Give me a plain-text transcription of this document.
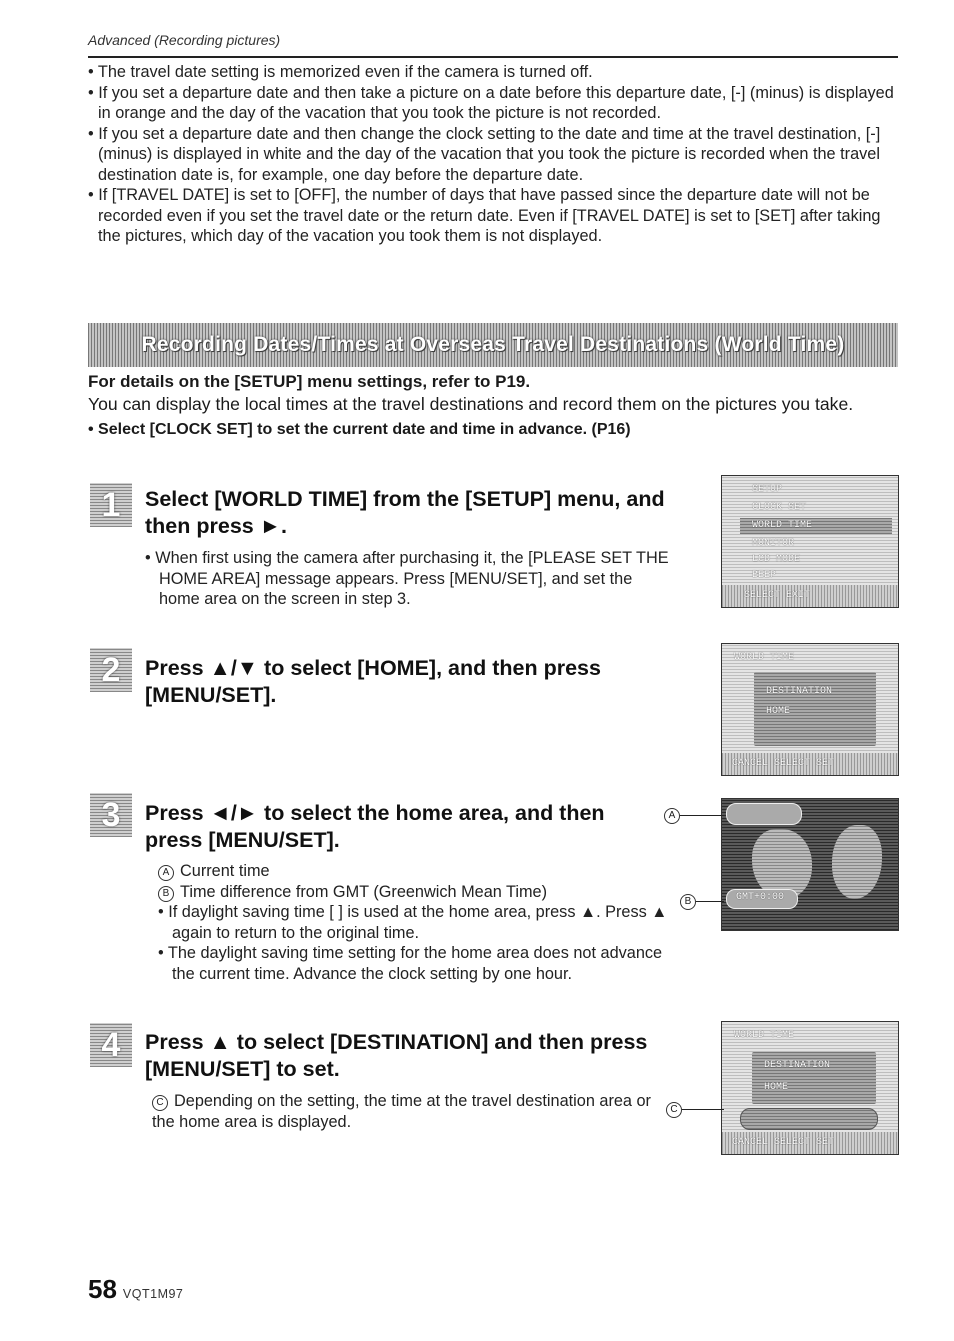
Advanced (Recording pictures)

• The travel date setting is memorized even if the camera is turned off.

• If you set a departure date and then take a picture on a date before this departure date, [-] (minus) is displayed in orange and the day of the vacation that you took the picture is not recorded.

• If you set a departure date and then change the clock setting to the date and time at the travel destination, [-] (minus) is displayed in white and the day of the vacation that you took the picture is recorded when the travel destination date is, for example, one day before the departure date.

• If [TRAVEL DATE] is set to [OFF], the number of days that have passed since the departure date will not be recorded even if you set the travel date or the return date. Even if [TRAVEL DATE] is set to [SET] after taking the pictures, which day of the vacation you took them is not displayed.

Recording Dates/Times at Overseas Travel Destinations (World Time)
For details on the [SETUP] menu settings, refer to P19.
You can display the local times at the travel destinations and record them on the pictures you take.
• Select [CLOCK SET] to set the current date and time in advance. (P16)
1	Select [WORLD TIME] from the [SETUP] menu, and then press ►.

• When first using the camera after purchasing it, the [PLEASE SET THE HOME AREA] message appears. Press [MENU/SET], and set the home area on the screen in step 3.

SETUP
CLOCK SET
WORLD TIME
MONITOR
LCD MODE
BEEP
SELECT EXIT
2	Press ▲/▼ to select [HOME], and then press [MENU/SET].
WORLD TIME
DESTINATION
HOME
CANCEL SELECT SET
3	Press ◄/► to select the home area, and then press [MENU/SET].

A Current time

B Time difference from GMT (Greenwich Mean Time)

• If daylight saving time [ ] is used at the home area, press ▲. Press ▲ again to return to the original time.

• The daylight saving time setting for the home area does not advance the current time. Advance the clock setting by one hour.

GMT+0:00
A
B
4	Press ▲ to select [DESTINATION] and then press [MENU/SET] to set.

C Depending on the setting, the time at the travel destination area or the home area is displayed.

WORLD TIME
DESTINATION
HOME
CANCEL SELECT SET
C
58 VQT1M97
